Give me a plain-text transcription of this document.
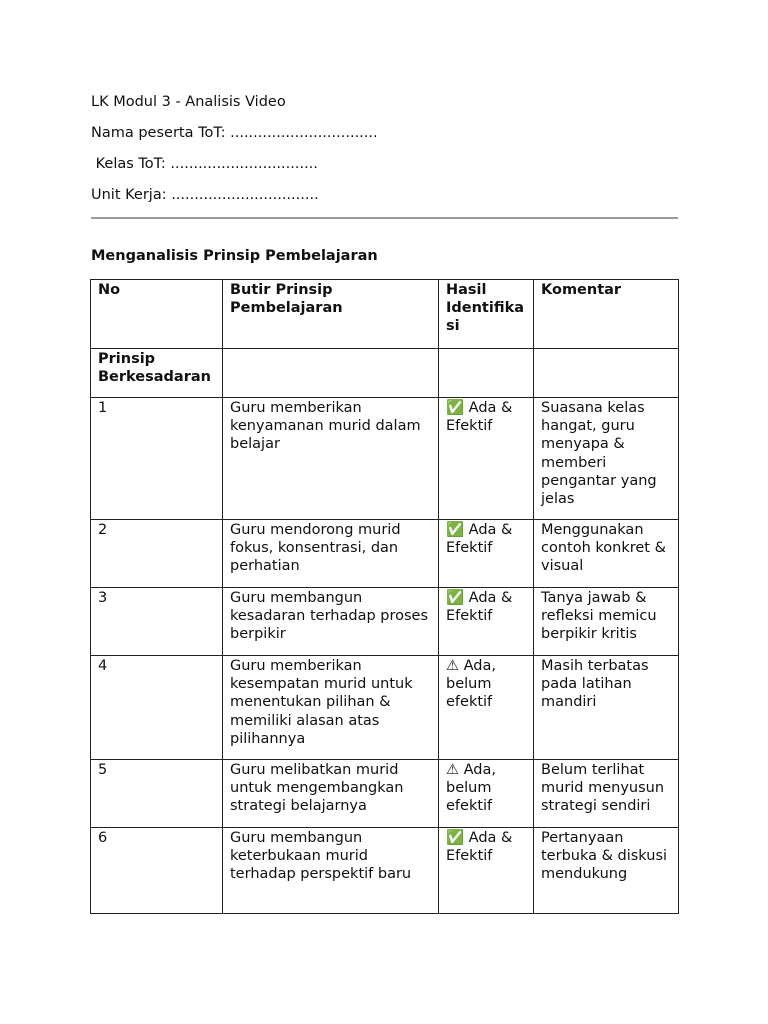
LK Modul 3 - Analisis Video
Nama peserta ToT: ................................
Kelas ToT: ................................
Unit Kerja: ................................
Menganalisis Prinsip Pembelajaran
No	Butir Prinsip Pembelajaran	Hasil Identifikasi	Komentar
Prinsip Berkesadaran			
1	Guru memberikan kenyamanan murid dalam belajar	✅ Ada & Efektif	Suasana kelas hangat, guru menyapa & memberi pengantar yang jelas
2	Guru mendorong murid fokus, konsentrasi, dan perhatian	✅ Ada & Efektif	Menggunakan contoh konkret & visual
3	Guru membangun kesadaran terhadap proses berpikir	✅ Ada & Efektif	Tanya jawab & refleksi memicu berpikir kritis
4	Guru memberikan kesempatan murid untuk menentukan pilihan & memiliki alasan atas pilihannya	⚠ Ada, belum efektif	Masih terbatas pada latihan mandiri
5	Guru melibatkan murid untuk mengembangkan strategi belajarnya	⚠ Ada, belum efektif	Belum terlihat murid menyusun strategi sendiri
6	Guru membangun keterbukaan murid terhadap perspektif baru	✅ Ada & Efektif	Pertanyaan terbuka & diskusi mendukung
